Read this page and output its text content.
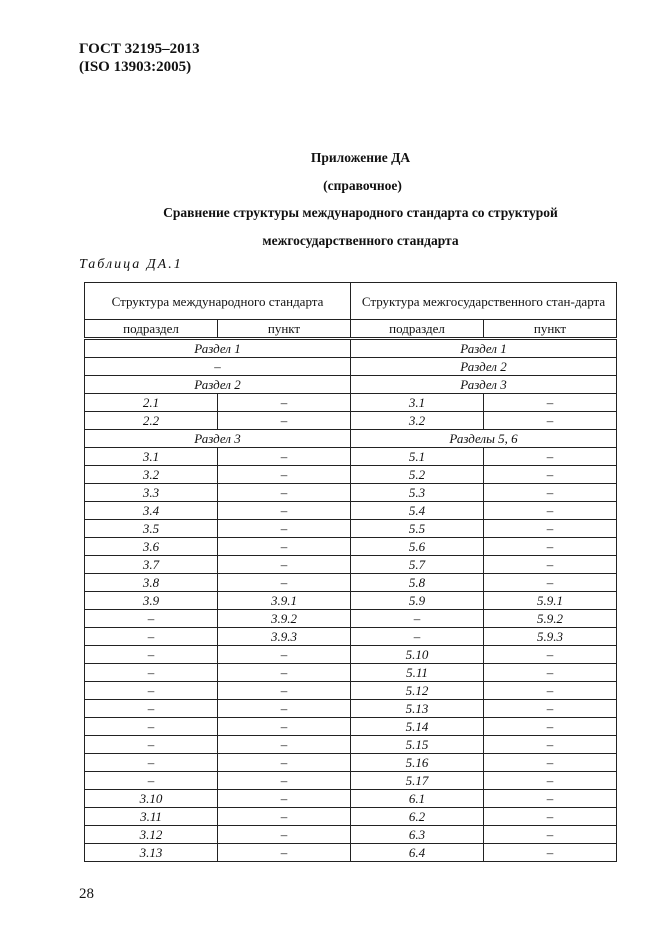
ГОСТ 32195–2013
(ISO 13903:2005)
Приложение ДА
(справочное)
Сравнение структуры международного стандарта со структурой
межгосударственного стандарта
Таблица ДА.1
Структура международного стандарта		Структура межгосударственного стан-дарта	
подраздел	пункт	подраздел	пункт
Раздел 1		Раздел 1	
–		Раздел 2	
Раздел 2		Раздел 3	
2.1	–	3.1	–
2.2	–	3.2	–
Раздел 3		Разделы 5, 6	
3.1	–	5.1	–
3.2	–	5.2	–
3.3	–	5.3	–
3.4	–	5.4	–
3.5	–	5.5	–
3.6	–	5.6	–
3.7	–	5.7	–
3.8	–	5.8	–
3.9	3.9.1	5.9	5.9.1
–	3.9.2	–	5.9.2
–	3.9.3	–	5.9.3
–	–	5.10	–
–	–	5.11	–
–	–	5.12	–
–	–	5.13	–
–	–	5.14	–
–	–	5.15	–
–	–	5.16	–
–	–	5.17	–
3.10	–	6.1	–
3.11	–	6.2	–
3.12	–	6.3	–
3.13	–	6.4	–
28
